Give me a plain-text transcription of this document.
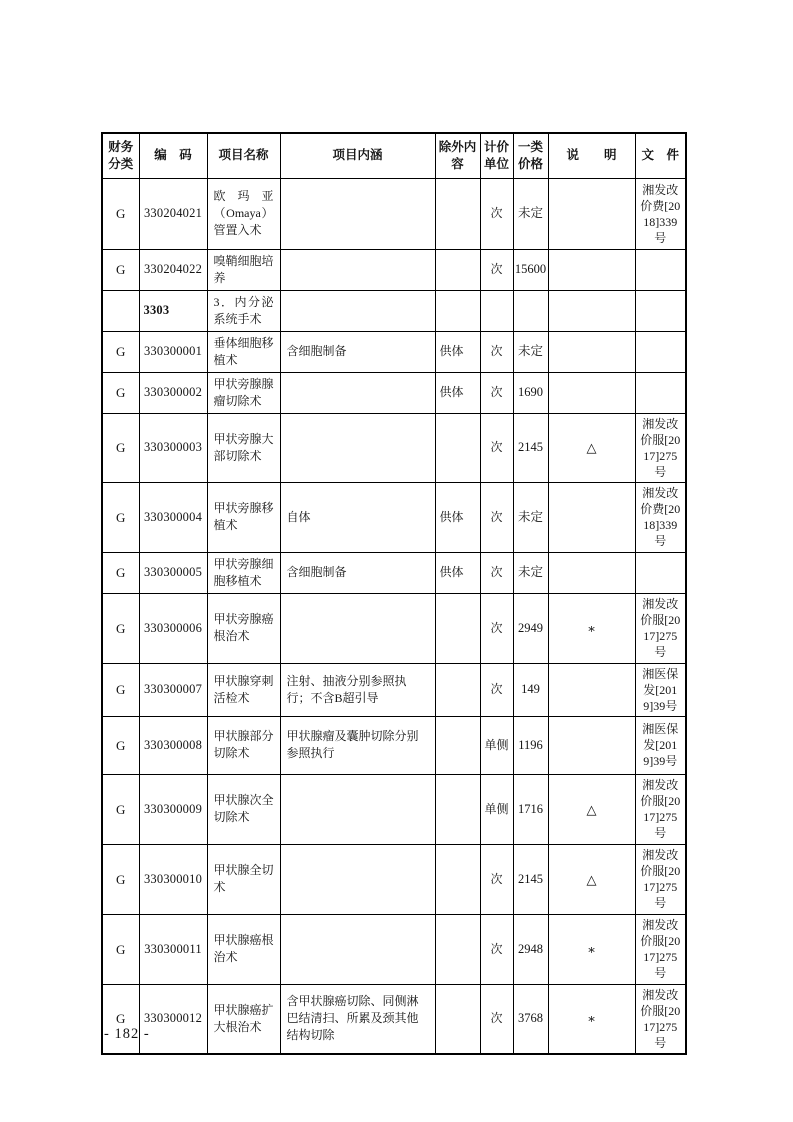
财务分类	编　码	项目名称	项目内涵	除外内容	计价单位	一类价格	说　　明	文　件
G	330204021	欧玛亚（Omaya）管置入术			次	未定		湘发改价费[2018]339号
G	330204022	嗅鞘细胞培养			次	15600		
	3303	3．内分泌系统手术						
G	330300001	垂体细胞移植术	含细胞制备	供体	次	未定		
G	330300002	甲状旁腺腺瘤切除术		供体	次	1690		
G	330300003	甲状旁腺大部切除术			次	2145	△	湘发改价服[2017]275号
G	330300004	甲状旁腺移植术	自体	供体	次	未定		湘发改价费[2018]339号
G	330300005	甲状旁腺细胞移植术	含细胞制备	供体	次	未定		
G	330300006	甲状旁腺癌根治术			次	2949	∗	湘发改价服[2017]275号
G	330300007	甲状腺穿刺活检术	注射、抽液分别参照执行；不含B超引导		次	149		湘医保发[2019]39号
G	330300008	甲状腺部分切除术	甲状腺瘤及囊肿切除分别参照执行		单侧	1196		湘医保发[2019]39号
G	330300009	甲状腺次全切除术			单侧	1716	△	湘发改价服[2017]275号
G	330300010	甲状腺全切术			次	2145	△	湘发改价服[2017]275号
G	330300011	甲状腺癌根治术			次	2948	∗	湘发改价服[2017]275号
G	330300012	甲状腺癌扩大根治术	含甲状腺癌切除、同侧淋巴结清扫、所累及颈其他结构切除		次	3768	∗	湘发改价服[2017]275号
- 182 -
